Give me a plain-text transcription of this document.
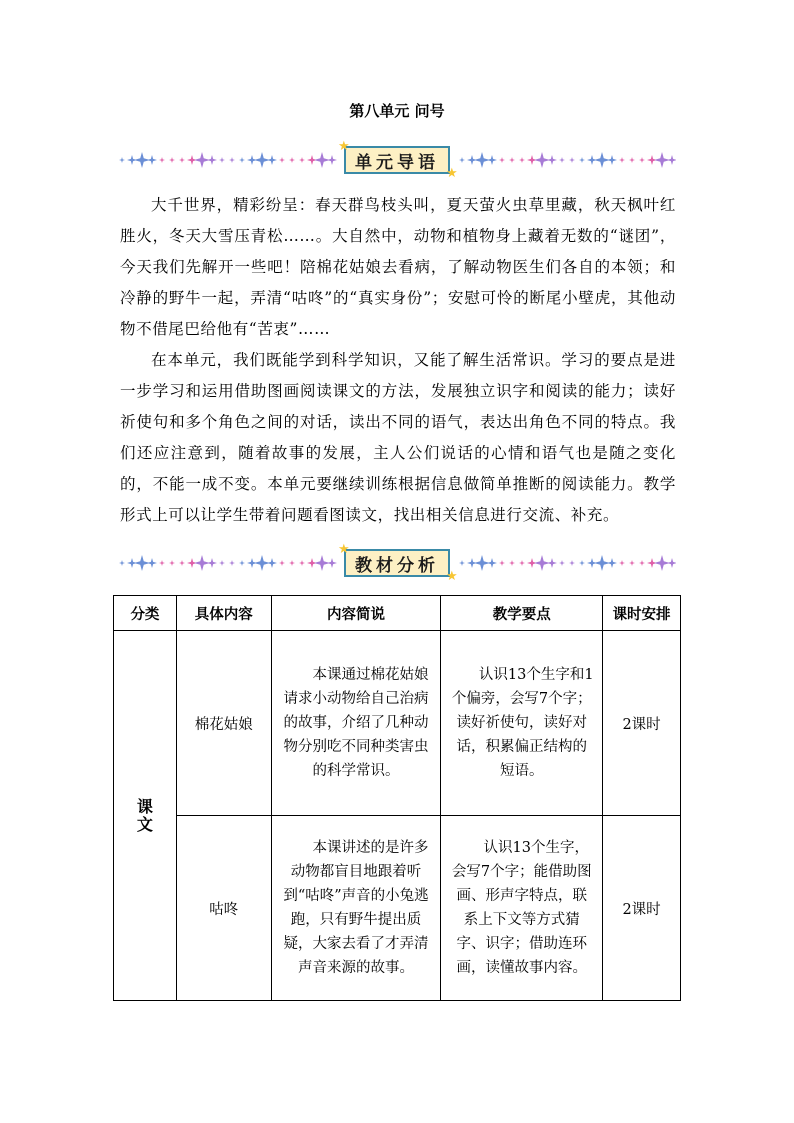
第八单元 问号
单元导语
★
★

大千世界，精彩纷呈：春天群鸟枝头叫，夏天萤火虫草里藏，秋天枫叶红胜火，冬天大雪压青松……。大自然中，动物和植物身上藏着无数的“谜团”，今天我们先解开一些吧！陪棉花姑娘去看病，了解动物医生们各自的本领；和冷静的野牛一起，弄清“咕咚”的“真实身份”；安慰可怜的断尾小壁虎，其他动物不借尾巴给他有“苦衷”……

在本单元，我们既能学到科学知识，又能了解生活常识。学习的要点是进一步学习和运用借助图画阅读课文的方法，发展独立识字和阅读的能力；读好祈使句和多个角色之间的对话，读出不同的语气，表达出角色不同的特点。我们还应注意到，随着故事的发展，主人公们说话的心情和语气也是随之变化的，不能一成不变。本单元要继续训练根据信息做简单推断的阅读能力。教学形式上可以让学生带着问题看图读文，找出相关信息进行交流、补充。

教材分析
★
★
分类	具体内容	内容简说	教学要点	课时安排
课文	棉花姑娘	本课通过棉花姑娘请求小动物给自己治病的故事，介绍了几种动物分别吃不同种类害虫的科学常识。	认识13个生字和1个偏旁，会写7个字；读好祈使句，读好对话，积累偏正结构的短语。	2课时
	咕咚	本课讲述的是许多动物都盲目地跟着听到“咕咚”声音的小兔逃跑，只有野牛提出质疑，大家去看了才弄清声音来源的故事。	认识13个生字，会写7个字；能借助图画、形声字特点，联系上下文等方式猜字、识字；借助连环画，读懂故事内容。	2课时
